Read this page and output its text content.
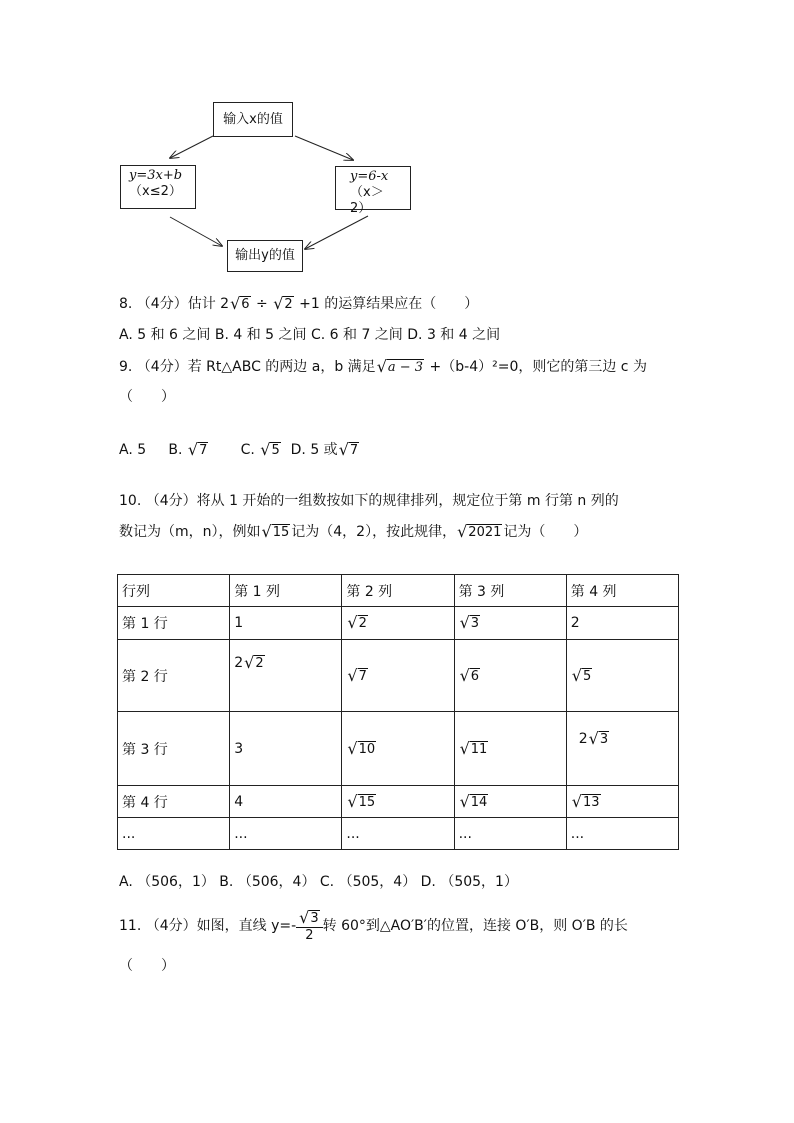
输入x的值
y=3x+b
（x≤2）
y=6-x
（x＞2）
输出y的值
8. （4分）估计 2 √ 6 ÷ √ 2 +1 的运算结果应在（　　）
A. 5 和 6 之间 B. 4 和 5 之间 C. 6 和 7 之间 D. 3 和 4 之间
9. （4分）若 Rt△ABC 的两边 a，b 满足 √ a − 3 +（b-4）²=0，则它的第三边 c 为
（　　）
A. 5 B. √ 7 C. √ 5 D. 5 或 √ 7
10. （4分）将从 1 开始的一组数按如下的规律排列，规定位于第 m 行第 n 列的
数记为（m，n），例如 √ 15 记为（4，2），按此规律， √ 2021 记为（　　）
行列	第 1 列	第 2 列	第 3 列	第 4 列
第 1 行	1	√ 2	√ 3	2
第 2 行	2 √ 2	√ 7	√ 6	√ 5

第 3 行	3	√ 10	√ 11	2 √ 3

第 4 行	4	√ 15	√ 14	√ 13

...	...	...	...	...
A. （506，1） B. （506，4） C. （505，4） D. （505，1）
11. （4分）如图，直线 $y=- \frac{√ 3}{2}$ 转 60°到△AO′B′的位置，连接 O′B，则 O′B 的长
（　　）
